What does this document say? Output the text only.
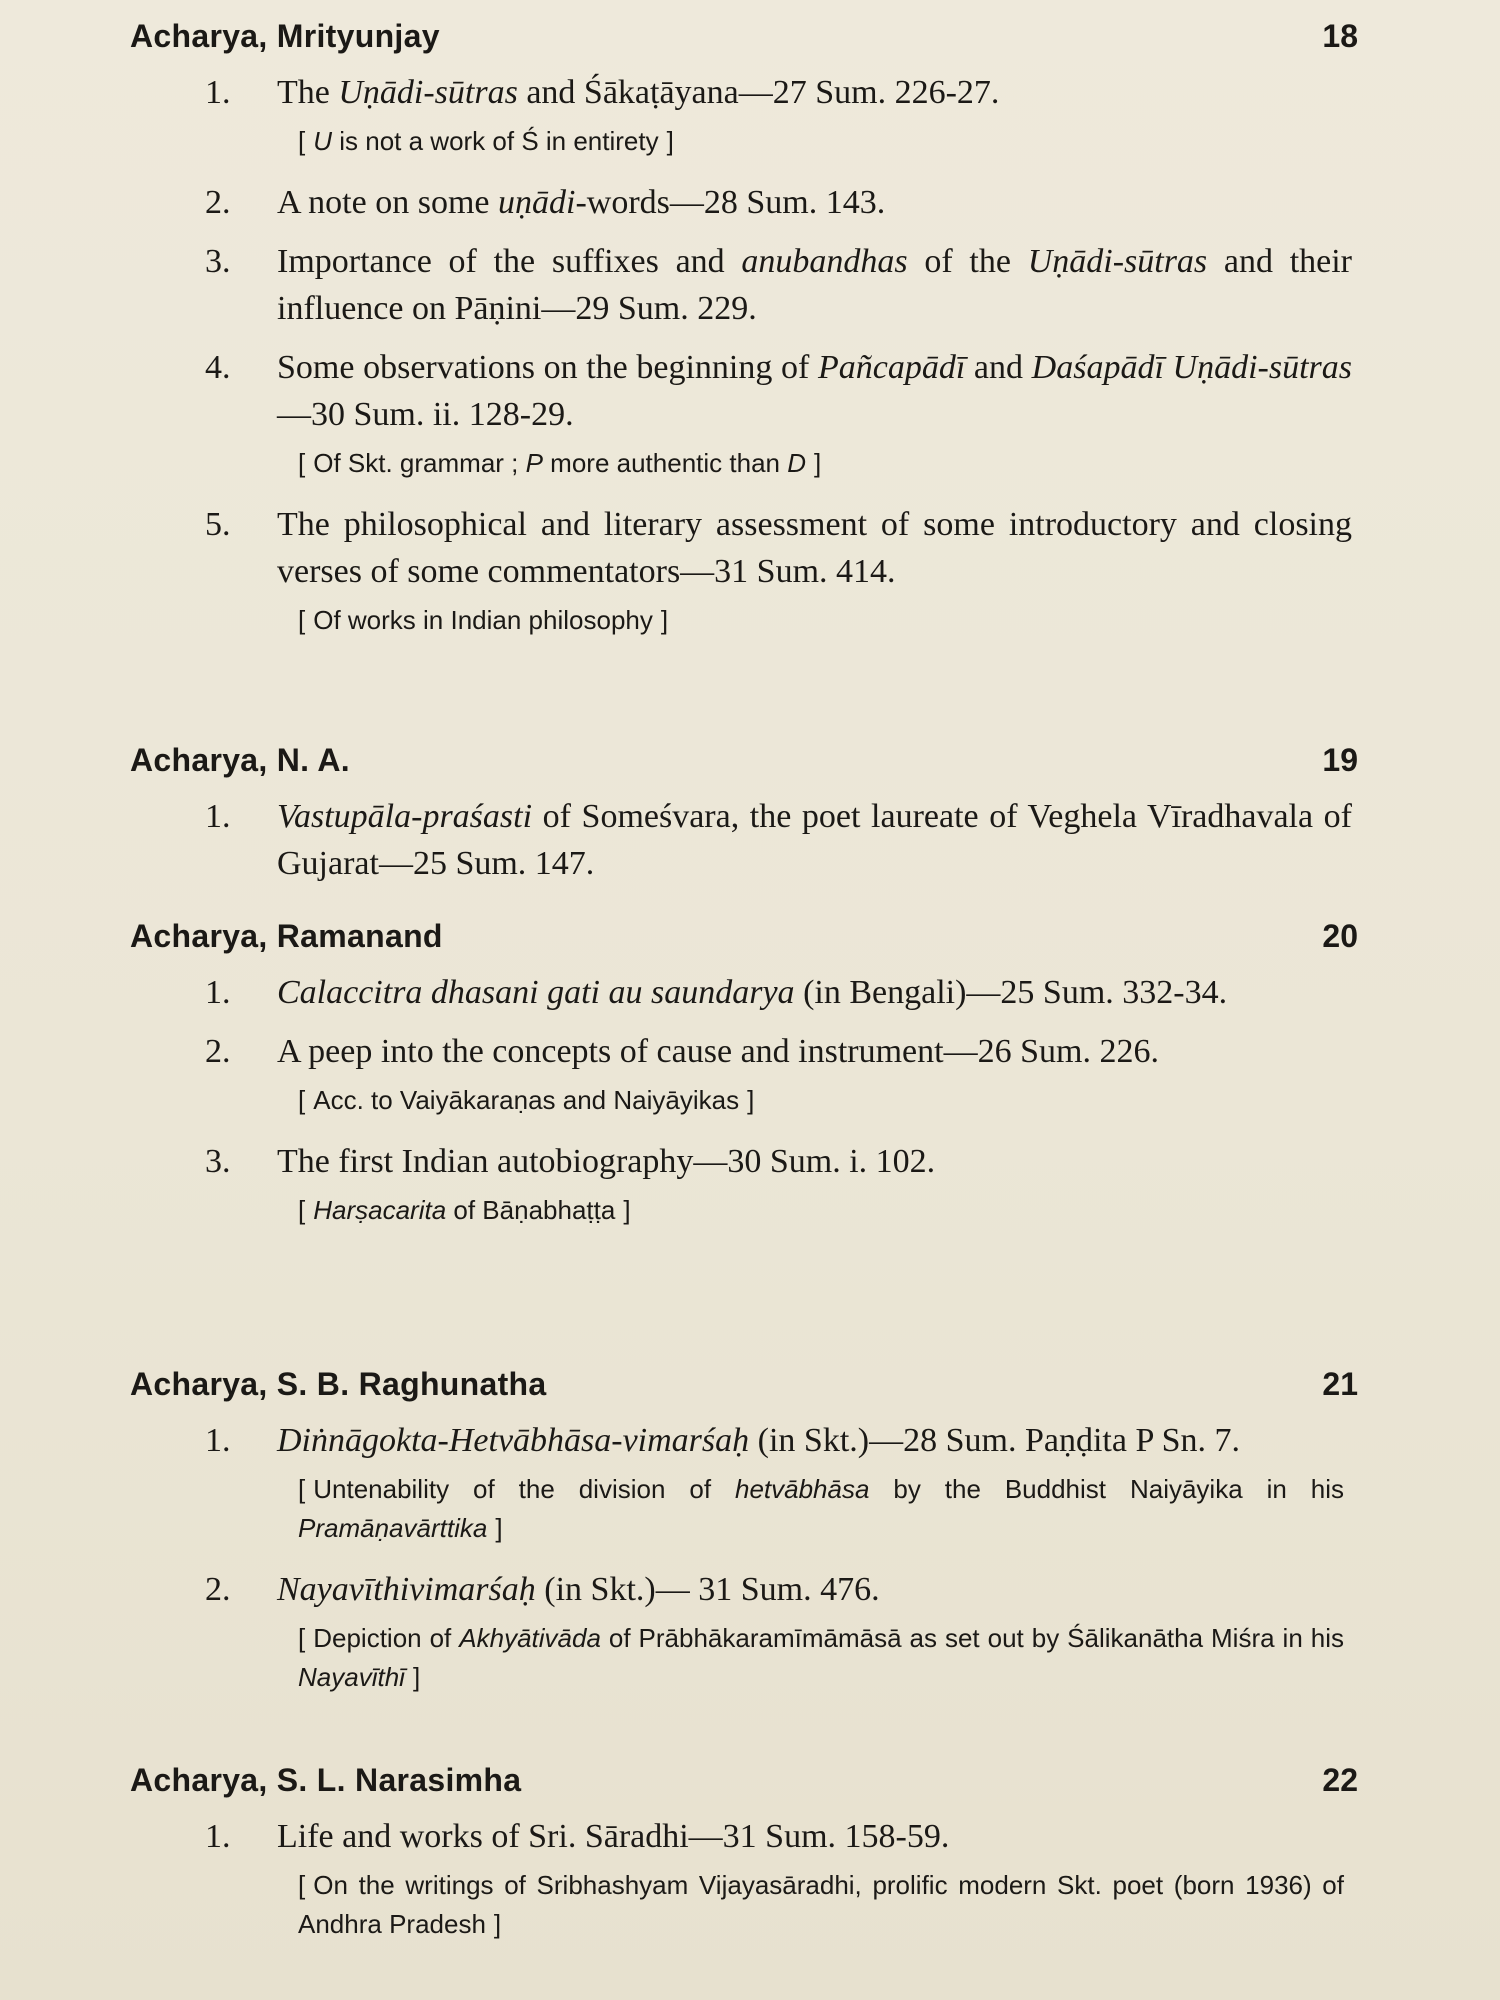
Acharya, Mrityunjay	18
1. The Uṇādi-sūtras and Śākaṭāyana—27 Sum. 226-27.
[ U is not a work of Ś in entirety ]
2. A note on some uṇādi-words—28 Sum. 143.
3. Importance of the suffixes and anubandhas of the Uṇādi-sūtras and their influence on Pāṇini—29 Sum. 229.
4. Some observations on the beginning of Pañcapādī and Daśapādī Uṇādi-sūtras—30 Sum. ii. 128-29.
[ Of Skt. grammar ; P more authentic than D ]
5. The philosophical and literary assessment of some introductory and closing verses of some commentators—31 Sum. 414.
[ Of works in Indian philosophy ]
Acharya, N. A.	19
1. Vastupāla-praśasti of Someśvara, the poet laureate of Veghela Vīradhavala of Gujarat—25 Sum. 147.
Acharya, Ramanand	20
1. Calaccitra dhasani gati au saundarya (in Bengali)—25 Sum. 332-34.
2. A peep into the concepts of cause and instrument—26 Sum. 226.
[ Acc. to Vaiyākaraṇas and Naiyāyikas ]
3. The first Indian autobiography—30 Sum. i. 102.
[ Harṣacarita of Bāṇabhaṭṭa ]
Acharya, S. B. Raghunatha	21
1. Diṅnāgokta-Hetvābhāsa-vimarśaḥ (in Skt.)—28 Sum. Paṇḍita P Sn. 7.
[ Untenability of the division of hetvābhāsa by the Buddhist Naiyāyika in his Pramāṇavārttika ]
2. Nayavīthivimarśaḥ (in Skt.)— 31 Sum. 476.
[ Depiction of Akhyātivāda of Prābhākaramīmāmāsā as set out by Śālikanātha Miśra in his Nayavīthī ]
Acharya, S. L. Narasimha	22
1. Life and works of Sri. Sāradhi—31 Sum. 158-59.
[ On the writings of Sribhashyam Vijayasāradhi, prolific modern Skt. poet (born 1936) of Andhra Pradesh ]
